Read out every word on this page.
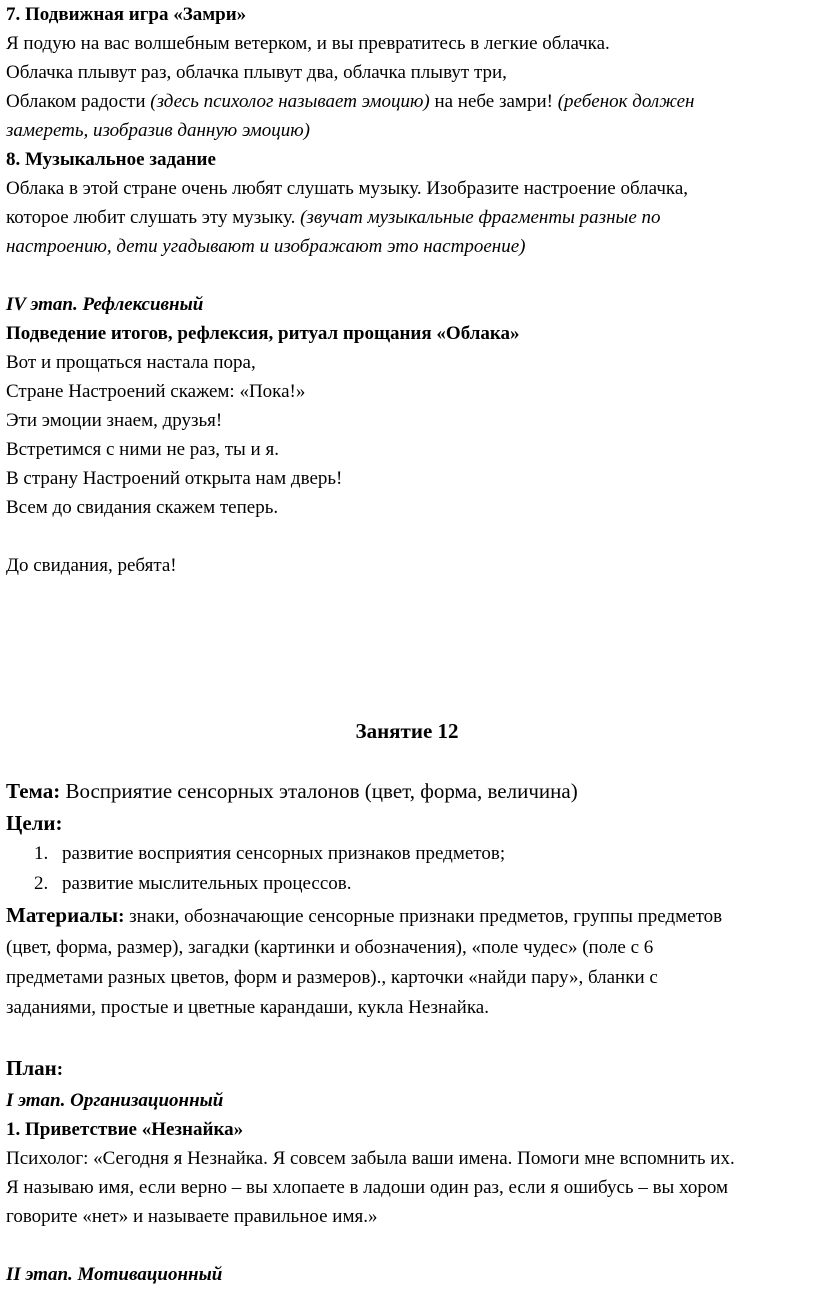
7. Подвижная игра «Замри»
Я подую на вас волшебным ветерком, и вы превратитесь в легкие облачка.
Облачка плывут раз, облачка плывут два, облачка плывут три,
Облаком радости (здесь психолог называет эмоцию) на небе замри! (ребенок должен
замереть, изобразив данную эмоцию)
8. Музыкальное задание
Облака в этой стране очень любят слушать музыку. Изобразите настроение облачка,
которое любит слушать эту музыку. (звучат музыкальные фрагменты разные по
настроению, дети угадывают и изображают это настроение)
IV этап. Рефлексивный
Подведение итогов, рефлексия, ритуал прощания «Облака»
Вот и прощаться настала пора,
Стране Настроений скажем: «Пока!»
Эти эмоции знаем, друзья!
Встретимся с ними не раз, ты и я.
В страну Настроений открыта нам дверь!
Всем до свидания скажем теперь.
До свидания, ребята!
Занятие 12
Тема: Восприятие сенсорных эталонов (цвет, форма, величина)
Цели:
1. развитие восприятия сенсорных признаков предметов;
2. развитие мыслительных процессов.
Материалы: знаки, обозначающие сенсорные признаки предметов, группы предметов
(цвет, форма, размер), загадки (картинки и обозначения), «поле чудес» (поле с 6
предметами разных цветов, форм и размеров)., карточки «найди пару», бланки с
заданиями, простые и цветные карандаши, кукла Незнайка.
План:
I этап. Организационный
1. Приветствие «Незнайка»
Психолог: «Сегодня я Незнайка. Я совсем забыла ваши имена. Помоги мне вспомнить их.
Я называю имя, если верно – вы хлопаете в ладоши один раз, если я ошибусь – вы хором
говорите «нет» и называете правильное имя.»
II этап. Мотивационный
